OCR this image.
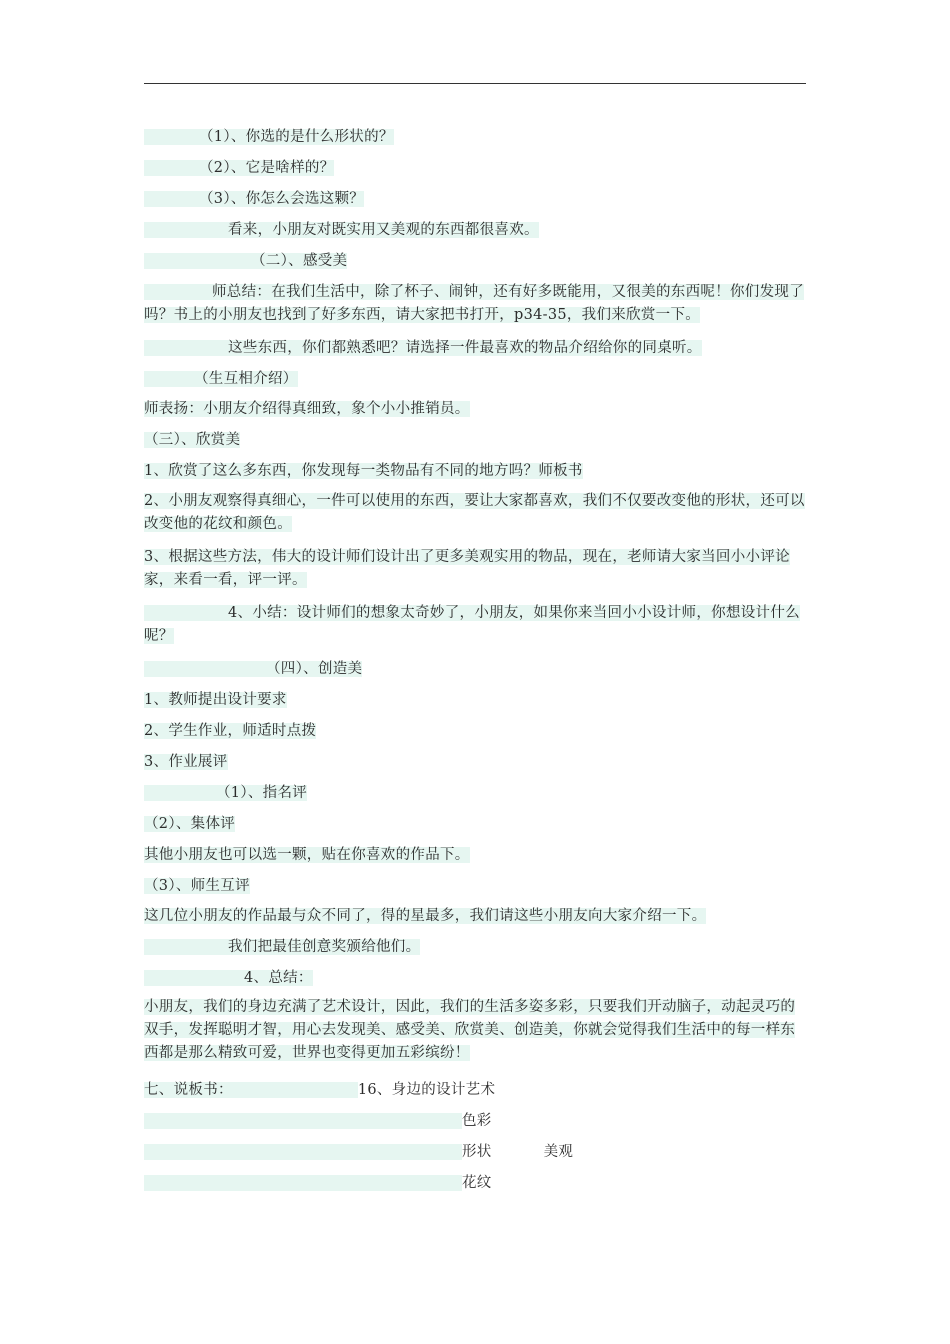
（1）、你选的是什么形状的？
（2）、它是啥样的？
（3）、你怎么会选这颗？
看来，小朋友对既实用又美观的东西都很喜欢。
（二）、感受美
师总结：在我们生活中，除了杯子、闹钟，还有好多既能用，又很美的东西呢！你们发现了吗？书上的小朋友也找到了好多东西，请大家把书打开，p34-35，我们来欣赏一下。
这些东西，你们都熟悉吧？请选择一件最喜欢的物品介绍给你的同桌听。
（生互相介绍）
师表扬：小朋友介绍得真细致，象个小小推销员。
（三）、欣赏美
1、欣赏了这么多东西，你发现每一类物品有不同的地方吗？师板书
2、小朋友观察得真细心，一件可以使用的东西，要让大家都喜欢，我们不仅要改变他的形状，还可以改变他的花纹和颜色。
3、根据这些方法，伟大的设计师们设计出了更多美观实用的物品，现在，老师请大家当回小小评论家，来看一看，评一评。
4、小结：设计师们的想象太奇妙了，小朋友，如果你来当回小小设计师，你想设计什么呢？
（四）、创造美
1、教师提出设计要求
2、学生作业，师适时点拨
3、作业展评
（1）、指名评
（2）、集体评
其他小朋友也可以选一颗，贴在你喜欢的作品下。
（3）、师生互评
这几位小朋友的作品最与众不同了，得的星最多，我们请这些小朋友向大家介绍一下。
我们把最佳创意奖颁给他们。
4、总结：
小朋友，我们的身边充满了艺术设计，因此，我们的生活多姿多彩，只要我们开动脑子，动起灵巧的双手，发挥聪明才智，用心去发现美、感受美、欣赏美、创造美，你就会觉得我们生活中的每一样东西都是那么精致可爱，世界也变得更加五彩缤纷！
七、说板书：	16、身边的设计艺术
色彩
形状	美观
花纹
